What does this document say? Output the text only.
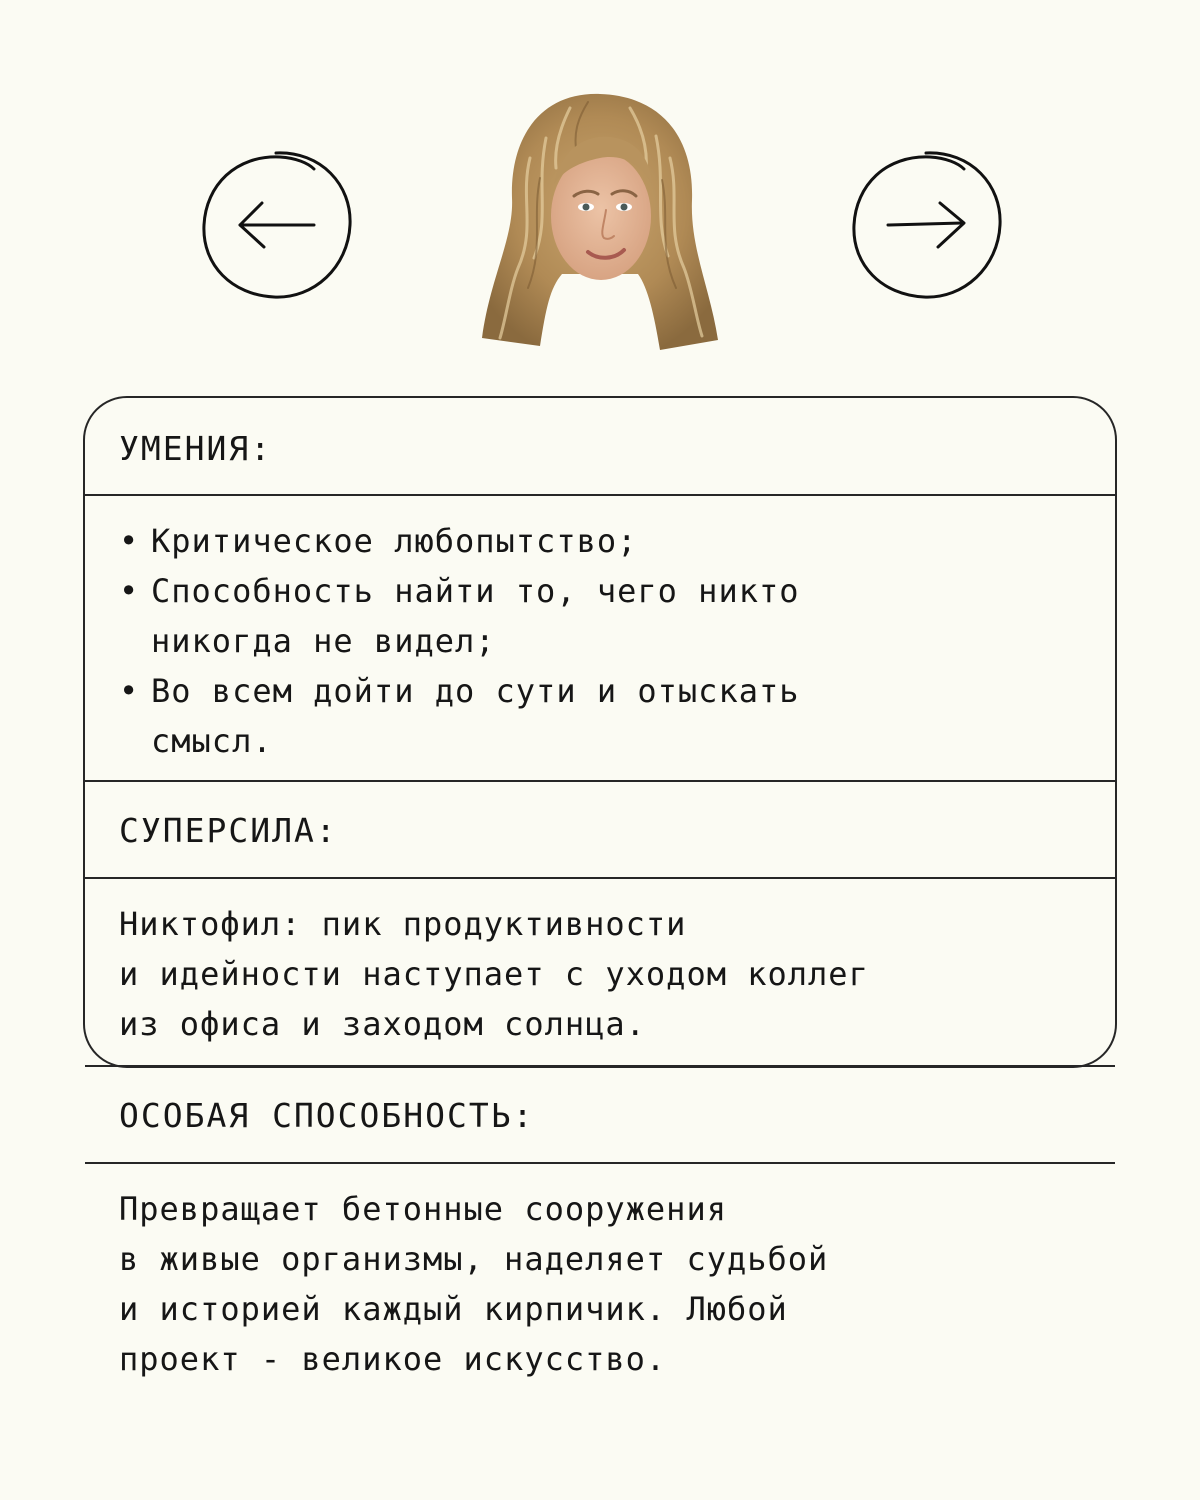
УМЕНИЯ:
• Критическое любопытство;
• Способность найти то, чего никто
никогда не видел;
• Во всем дойти до сути и отыскать
смысл.
СУПЕРСИЛА:
Никтофил: пик продуктивности
и идейности наступает с уходом коллег
из офиса и заходом солнца.
ОСОБАЯ СПОСОБНОСТЬ:
Превращает бетонные сооружения
в живые организмы, наделяет судьбой
и историей каждый кирпичик. Любой
проект - великое искусство.
